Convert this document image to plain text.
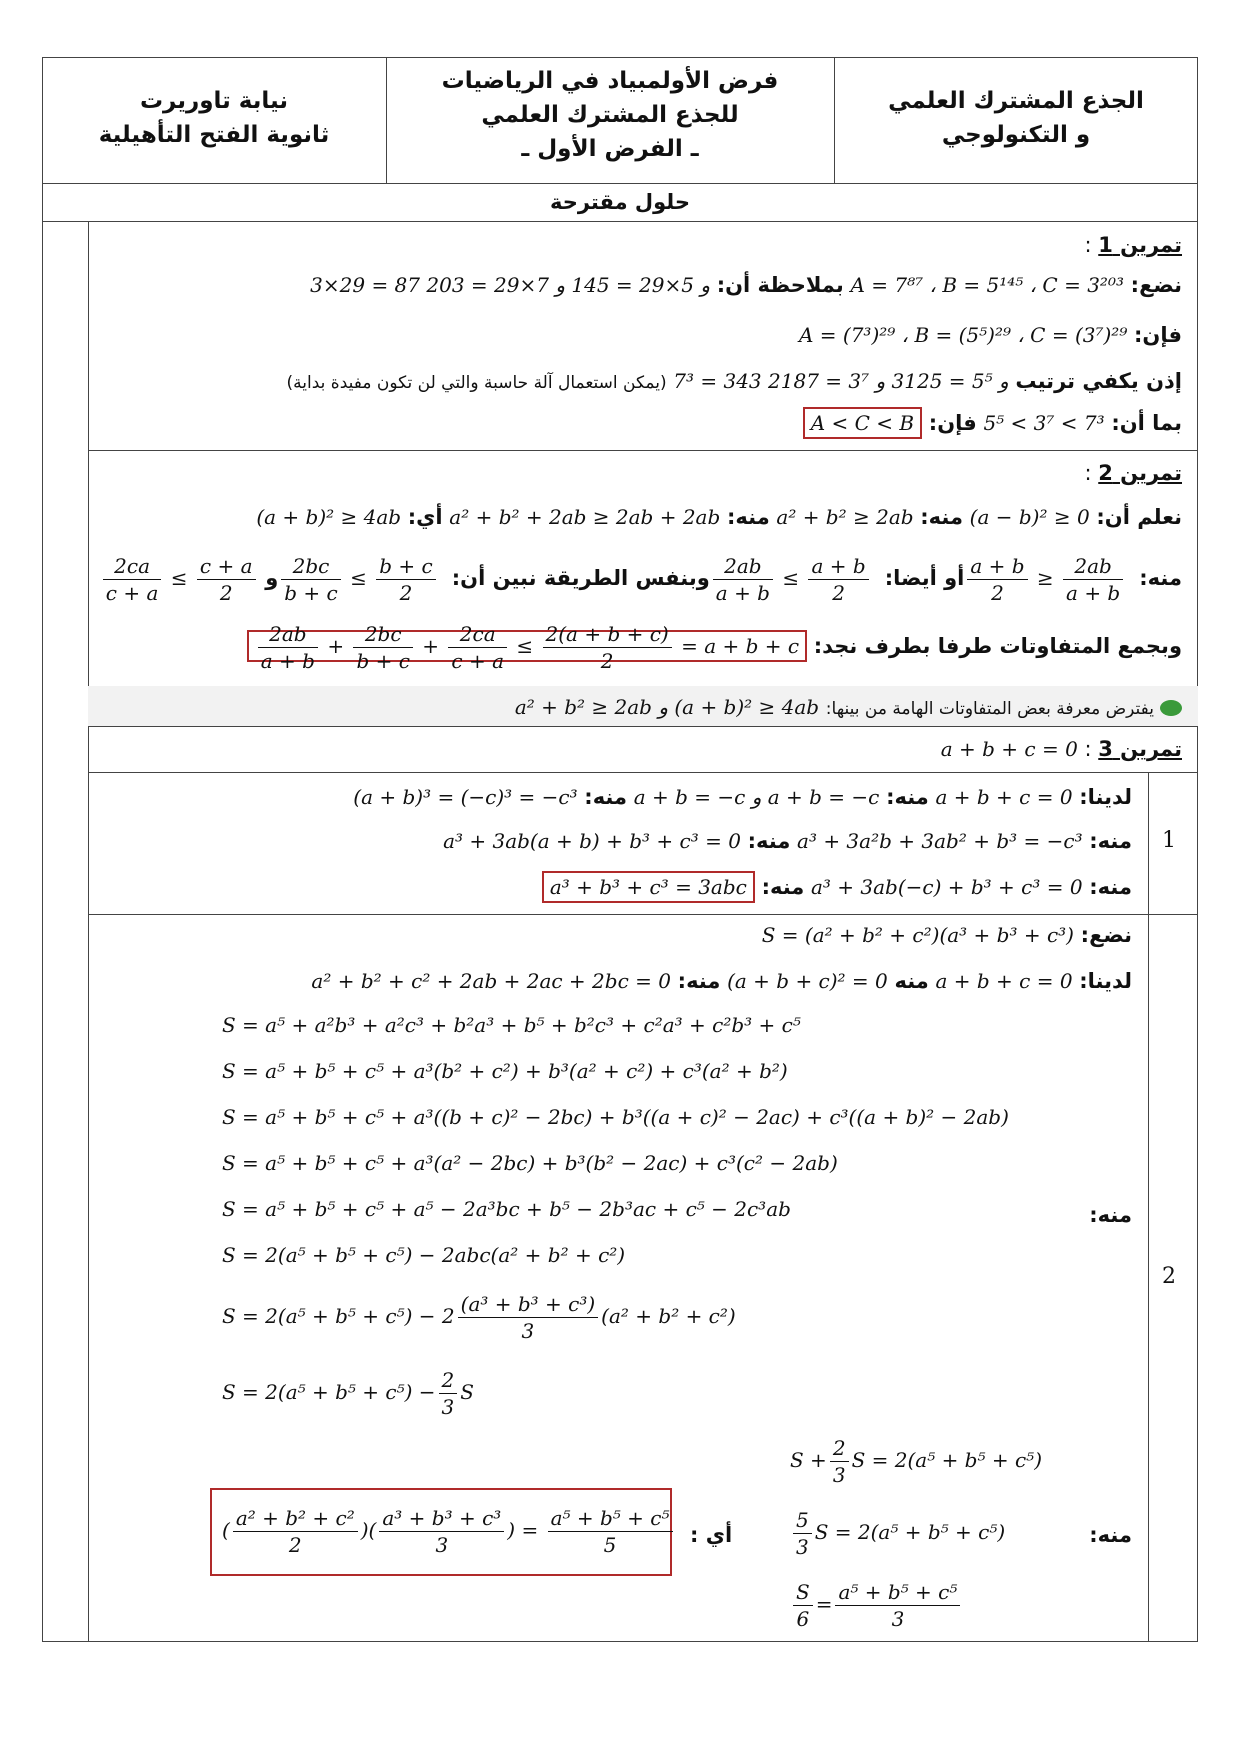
الجذع المشترك العلمي
و التكنولوجي
فرض الأولمبياد في الرياضيات
للجذع المشترك العلمي
ـ الفرض الأول ـ
نيابة تاوريرت
ثانوية الفتح التأهيلية
حلول مقترحة
تمرين 1 :
نضع: A = 7⁸⁷ ، B = 5¹⁴⁵ ، C = 3²⁰³ بملاحظة أن: 3×29 = 87 و 5×29 = 145 و 7×29 = 203
فإن: A = (7³)²⁹ ، B = (5⁵)²⁹ ، C = (3⁷)²⁹
إذن يكفي ترتيب 7³ = 343 و 5⁵ = 3125 و 3⁷ = 2187 (يمكن استعمال آلة حاسبة والتي لن تكون مفيدة بداية)
بما أن: 5⁵ < 3⁷ < 7³ فإن: A < C < B
تمرين 2 :
نعلم أن: (a − b)² ≥ 0 منه: a² + b² ≥ 2ab منه: a² + b² + 2ab ≥ 2ab + 2ab أي: (a + b)² ≥ 4ab
منه:
$\frac{a + b}{2} \ge \frac{2ab}{a + b}$
أو أيضا:
$\frac{2ab}{a + b} \le \frac{a + b}{2}$
وبنفس الطريقة نبين أن:
$\frac{2bc}{b + c} \le \frac{b + c}{2}$
و
$\frac{2ca}{c + a} \le \frac{c + a}{2}$
وبجمع المتفاوتات طرفا بطرف نجد:
$\frac{2ab}{a + b} + \frac{2bc}{b + c} + \frac{2ca}{c + a} \le \frac{2(a + b + c)}{2} = a + b + c$
يفترض معرفة بعض المتفاوتات الهامة من بينها: a² + b² ≥ 2ab و (a + b)² ≥ 4ab
تمرين 3 : a + b + c = 0
1
لدينا: a + b + c = 0 منه: a + b = −c و a + b = −c منه: (a + b)³ = (−c)³ = −c³
منه: a³ + 3a²b + 3ab² + b³ = −c³ منه: a³ + 3ab(a + b) + b³ + c³ = 0
منه: a³ + 3ab(−c) + b³ + c³ = 0 منه: a³ + b³ + c³ = 3abc
2
نضع: S = (a² + b² + c²)(a³ + b³ + c³)
لدينا: a + b + c = 0 منه (a + b + c)² = 0 منه: a² + b² + c² + 2ab + 2ac + 2bc = 0
منه:
S = a⁵ + a²b³ + a²c³ + b²a³ + b⁵ + b²c³ + c²a³ + c²b³ + c⁵
S = a⁵ + b⁵ + c⁵ + a³(b² + c²) + b³(a² + c²) + c³(a² + b²)
S = a⁵ + b⁵ + c⁵ + a³((b + c)² − 2bc) + b³((a + c)² − 2ac) + c³((a + b)² − 2ab)
S = a⁵ + b⁵ + c⁵ + a³(a² − 2bc) + b³(b² − 2ac) + c³(c² − 2ab)
S = a⁵ + b⁵ + c⁵ + a⁵ − 2a³bc + b⁵ − 2b³ac + c⁵ − 2c³ab
S = 2(a⁵ + b⁵ + c⁵) − 2abc(a² + b² + c²)
$S = 2(a^5 + b^5 + c^5) - 2 \frac{\text{(a³ + b³ + c³)}}{3} (a^2 + b^2 + c^2)$
$S = 2(a^5 + b^5 + c^5) - \frac{2}{3}$ S
$S + \frac{2}{3}$ S = 2(a⁵ + b⁵ + c⁵)
$\frac{5}{3}$ S = 2(a⁵ + b⁵ + c⁵)	منه:
$\frac{S}{6} = \frac{\text{a⁵ + b⁵ + c⁵}}{3}$
أي :
( $\frac{\text{a² + b² + c²}}{2}$ )( $\frac{\text{a³ + b³ + c³}}{3}$ ) = $\frac{\text{a⁵ + b⁵ + c⁵}}{5}$
